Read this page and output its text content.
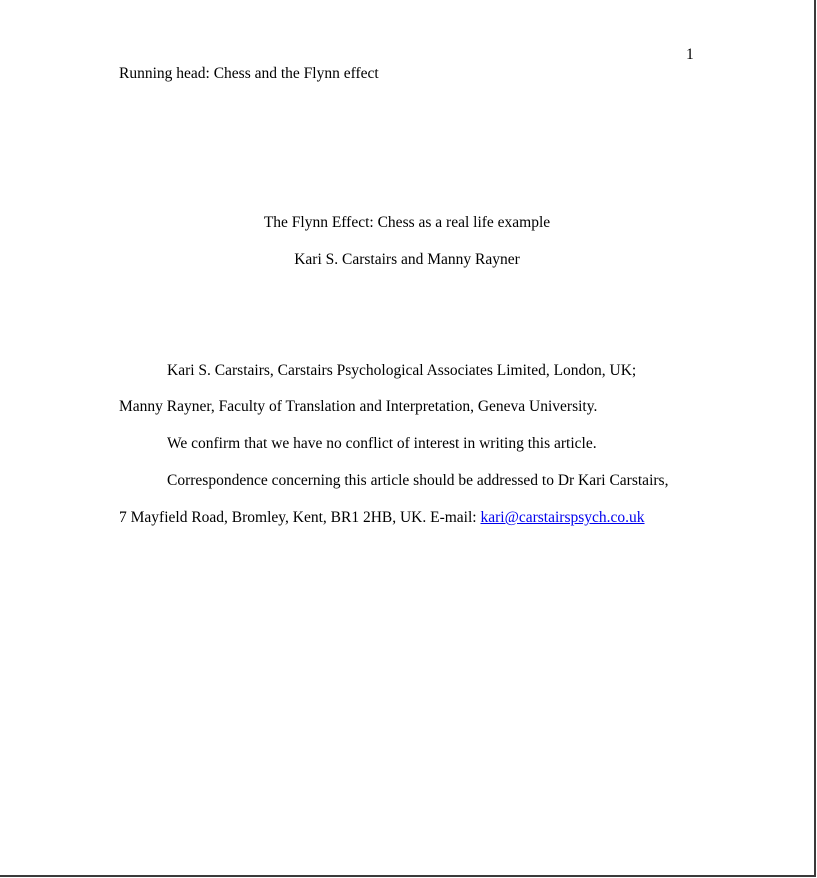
1
Running head: Chess and the Flynn effect
The Flynn Effect: Chess as a real life example
Kari S. Carstairs and Manny Rayner
Kari S. Carstairs, Carstairs Psychological Associates Limited, London, UK;
Manny Rayner, Faculty of Translation and Interpretation, Geneva University.
We confirm that we have no conflict of interest in writing this article.
Correspondence concerning this article should be addressed to Dr Kari Carstairs,
7 Mayfield Road, Bromley, Kent, BR1 2HB, UK. E-mail: kari@carstairspsych.co.uk
